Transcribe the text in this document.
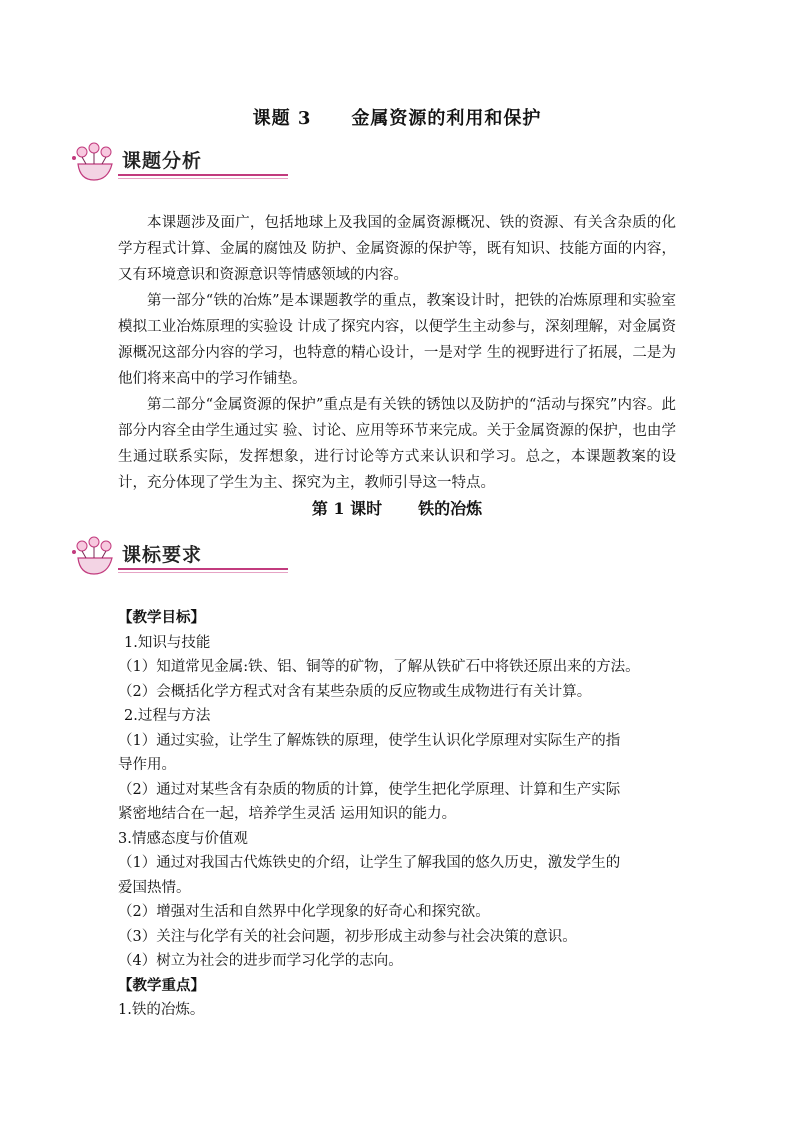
课题 3 金属资源的利用和保护
课题分析

本课题涉及面广，包括地球上及我国的金属资源概况、铁的资源、有关含杂质的化学方程式计算、金属的腐蚀及 防护、金属资源的保护等，既有知识、技能方面的内容，又有环境意识和资源意识等情感领域的内容。

第一部分“铁的冶炼”是本课题教学的重点，教案设计时，把铁的冶炼原理和实验室模拟工业冶炼原理的实验设 计成了探究内容，以便学生主动参与，深刻理解，对金属资源概况这部分内容的学习，也特意的精心设计，一是对学 生的视野进行了拓展，二是为他们将来高中的学习作铺垫。

第二部分“金属资源的保护”重点是有关铁的锈蚀以及防护的“活动与探究”内容。此部分内容全由学生通过实 验、讨论、应用等环节来完成。关于金属资源的保护，也由学生通过联系实际，发挥想象，进行讨论等方式来认识和学习。总之，本课题教案的设计，充分体现了学生为主、探究为主，教师引导这一特点。

第 1 课时 铁的冶炼
课标要求
【教学目标】
1.知识与技能
（1）知道常见金属:铁、铝、铜等的矿物，了解从铁矿石中将铁还原出来的方法。
（2）会概括化学方程式对含有某些杂质的反应物或生成物进行有关计算。
2.过程与方法
（1）通过实验，让学生了解炼铁的原理，使学生认识化学原理对实际生产的指
导作用。
（2）通过对某些含有杂质的物质的计算，使学生把化学原理、计算和生产实际
紧密地结合在一起，培养学生灵活 运用知识的能力。
3.情感态度与价值观
（1）通过对我国古代炼铁史的介绍，让学生了解我国的悠久历史，激发学生的
爱国热情。
（2）增强对生活和自然界中化学现象的好奇心和探究欲。
（3）关注与化学有关的社会问题，初步形成主动参与社会决策的意识。
（4）树立为社会的进步而学习化学的志向。
【教学重点】
1.铁的冶炼。
